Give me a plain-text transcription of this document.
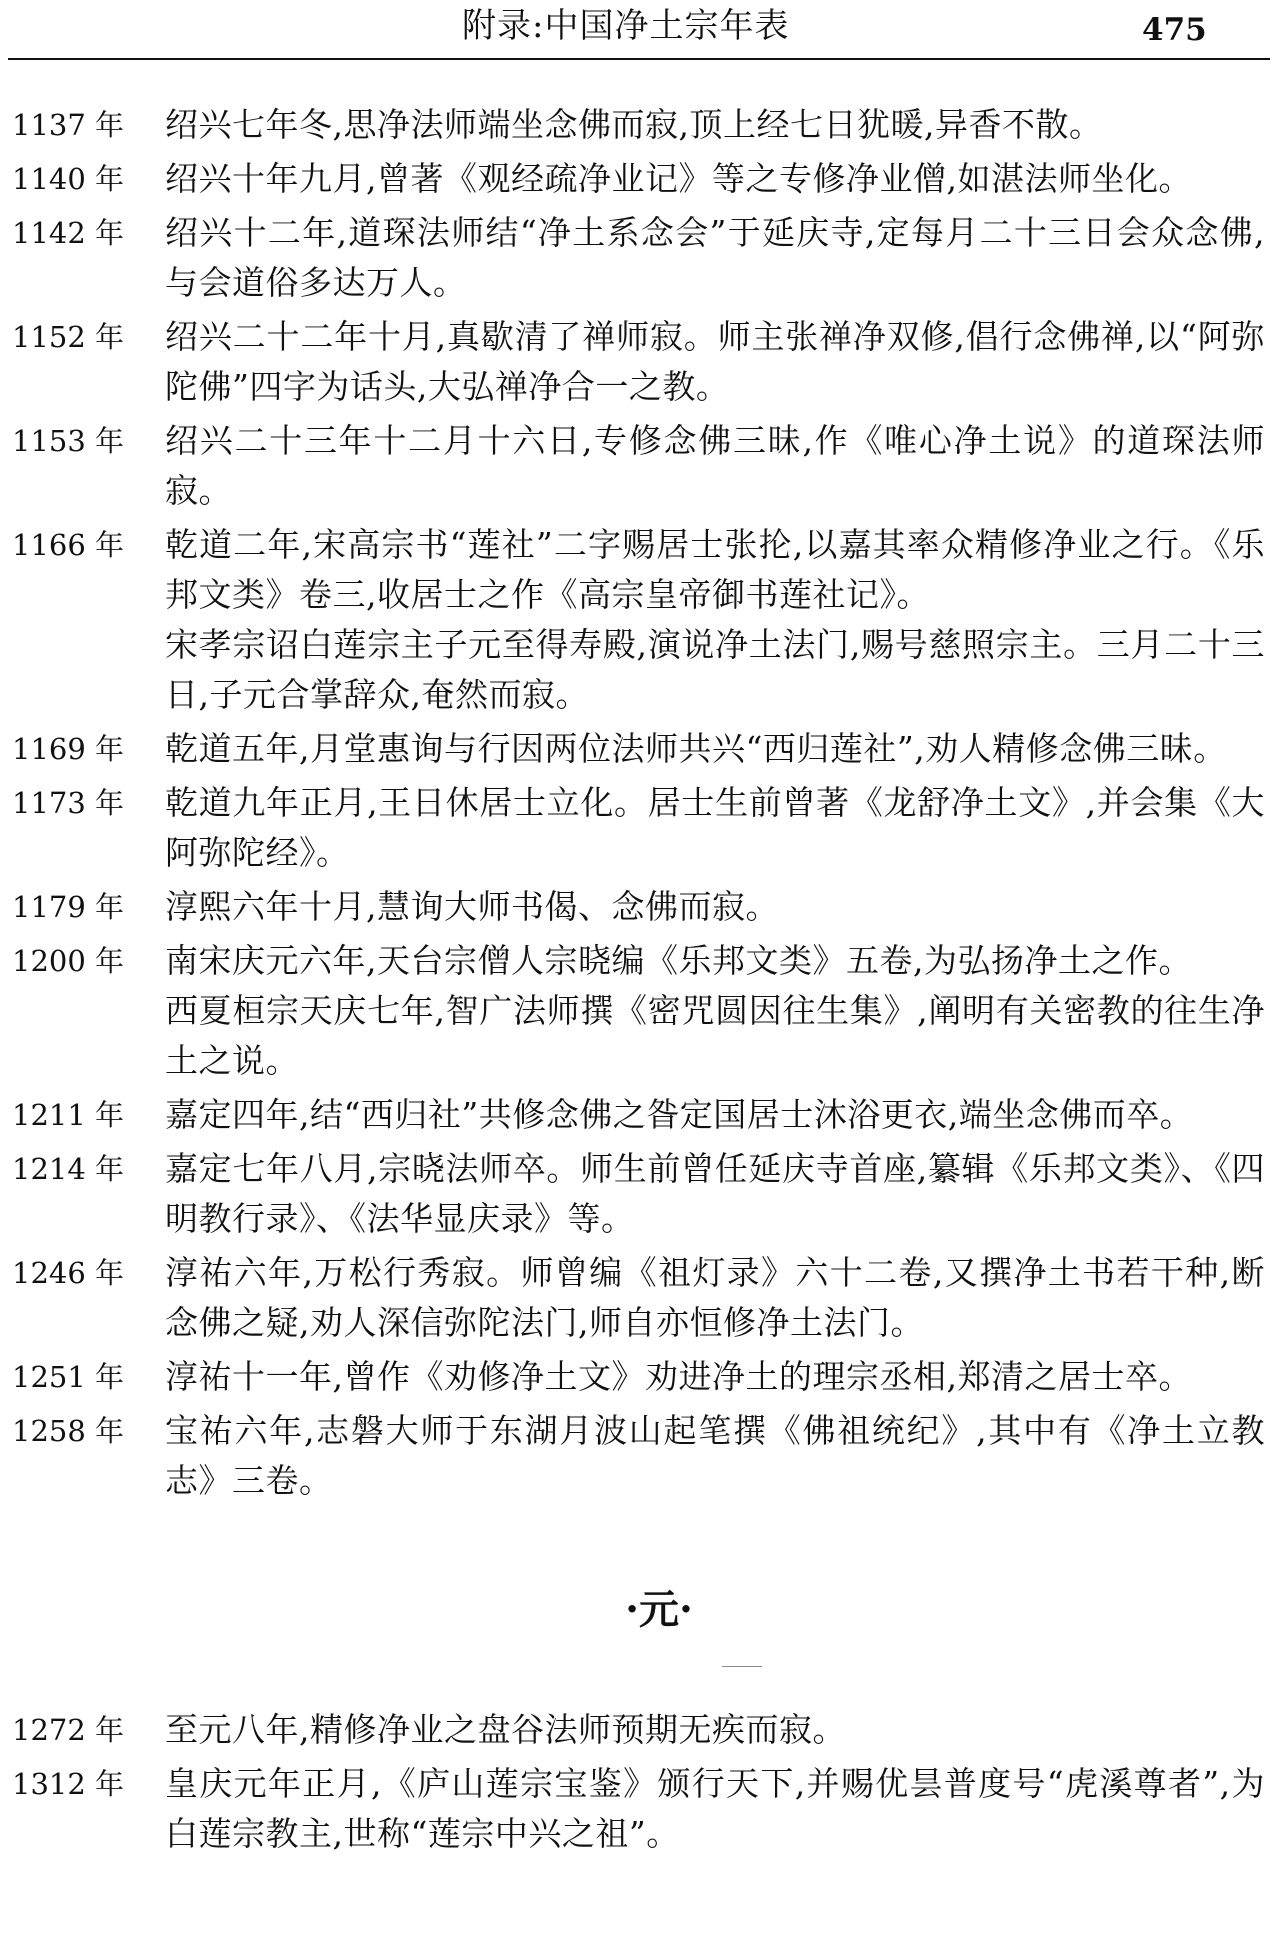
附录:中国净土宗年表	475
1137 年 绍兴七年冬,思净法师端坐念佛而寂,顶上经七日犹暖,异香不散。

1140 年 绍兴十年九月,曾著《观经疏净业记》等之专修净业僧,如湛法师坐化。

1142 年 绍兴十二年,道琛法师结“净土系念会”于延庆寺,定每月二十三日会众念佛,与会道俗多达万人。

1152 年 绍兴二十二年十月,真歇清了禅师寂。师主张禅净双修,倡行念佛禅,以“阿弥陀佛”四字为话头,大弘禅净合一之教。

1153 年 绍兴二十三年十二月十六日,专修念佛三昧,作《唯心净土说》的道琛法师寂。

1166 年 乾道二年,宋高宗书“莲社”二字赐居士张抡,以嘉其率众精修净业之行。《乐邦文类》卷三,收居士之作《高宗皇帝御书莲社记》。

宋孝宗诏白莲宗主子元至得寿殿,演说净土法门,赐号慈照宗主。三月二十三日,子元合掌辞众,奄然而寂。

1169 年 乾道五年,月堂惠询与行因两位法师共兴“西归莲社”,劝人精修念佛三昧。

1173 年 乾道九年正月,王日休居士立化。居士生前曾著《龙舒净土文》,并会集《大阿弥陀经》。

1179 年 淳熙六年十月,慧询大师书偈、念佛而寂。

1200 年 南宋庆元六年,天台宗僧人宗晓编《乐邦文类》五卷,为弘扬净土之作。

西夏桓宗天庆七年,智广法师撰《密咒圆因往生集》,阐明有关密教的往生净土之说。

1211 年 嘉定四年,结“西归社”共修念佛之昝定国居士沐浴更衣,端坐念佛而卒。

1214 年 嘉定七年八月,宗晓法师卒。师生前曾任延庆寺首座,纂辑《乐邦文类》、《四明教行录》、《法华显庆录》等。

1246 年 淳祐六年,万松行秀寂。师曾编《祖灯录》六十二卷,又撰净土书若干种,断念佛之疑,劝人深信弥陀法门,师自亦恒修净土法门。

1251 年 淳祐十一年,曾作《劝修净土文》劝进净土的理宗丞相,郑清之居士卒。

1258 年 宝祐六年,志磐大师于东湖月波山起笔撰《佛祖统纪》,其中有《净土立教志》三卷。

·元·
1272 年 至元八年,精修净业之盘谷法师预期无疾而寂。

1312 年 皇庆元年正月,《庐山莲宗宝鉴》颁行天下,并赐优昙普度号“虎溪尊者”,为白莲宗教主,世称“莲宗中兴之祖”。
